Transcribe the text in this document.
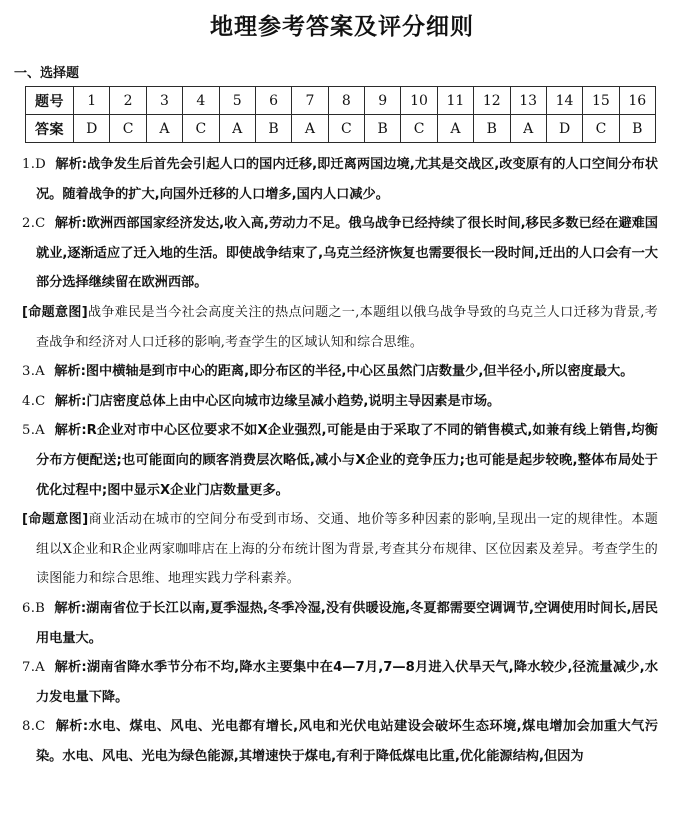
地理参考答案及评分细则
一、选择题
题号	1	2	3	4	5	6	7	8	9	10	11	12	13	14	15	16
答案	D	C	A	C	A	B	A	C	B	C	A	B	A	D	C	B

1.D 解析:战争发生后首先会引起人口的国内迁移,即迁离两国边境,尤其是交战区,改变原有的人口空间分布状况。随着战争的扩大,向国外迁移的人口增多,国内人口减少。

2.C 解析:欧洲西部国家经济发达,收入高,劳动力不足。俄乌战争已经持续了很长时间,移民多数已经在避难国就业,逐渐适应了迁入地的生活。即使战争结束了,乌克兰经济恢复也需要很长一段时间,迁出的人口会有一大部分选择继续留在欧洲西部。

[命题意图]战争难民是当今社会高度关注的热点问题之一,本题组以俄乌战争导致的乌克兰人口迁移为背景,考查战争和经济对人口迁移的影响,考查学生的区域认知和综合思维。

3.A 解析:图中横轴是到市中心的距离,即分布区的半径,中心区虽然门店数量少,但半径小,所以密度最大。

4.C 解析:门店密度总体上由中心区向城市边缘呈减小趋势,说明主导因素是市场。

5.A 解析:R企业对市中心区位要求不如X企业强烈,可能是由于采取了不同的销售模式,如兼有线上销售,均衡分布方便配送;也可能面向的顾客消费层次略低,减小与X企业的竞争压力;也可能是起步较晚,整体布局处于优化过程中;图中显示X企业门店数量更多。

[命题意图]商业活动在城市的空间分布受到市场、交通、地价等多种因素的影响,呈现出一定的规律性。本题组以X企业和R企业两家咖啡店在上海的分布统计图为背景,考查其分布规律、区位因素及差异。考查学生的读图能力和综合思维、地理实践力学科素养。

6.B 解析:湖南省位于长江以南,夏季湿热,冬季冷湿,没有供暖设施,冬夏都需要空调调节,空调使用时间长,居民用电量大。

7.A 解析:湖南省降水季节分布不均,降水主要集中在4—7月,7—8月进入伏旱天气,降水较少,径流量减少,水力发电量下降。

8.C 解析:水电、煤电、风电、光电都有增长,风电和光伏电站建设会破坏生态环境,煤电增加会加重大气污染。水电、风电、光电为绿色能源,其增速快于煤电,有利于降低煤电比重,优化能源结构,但因为
